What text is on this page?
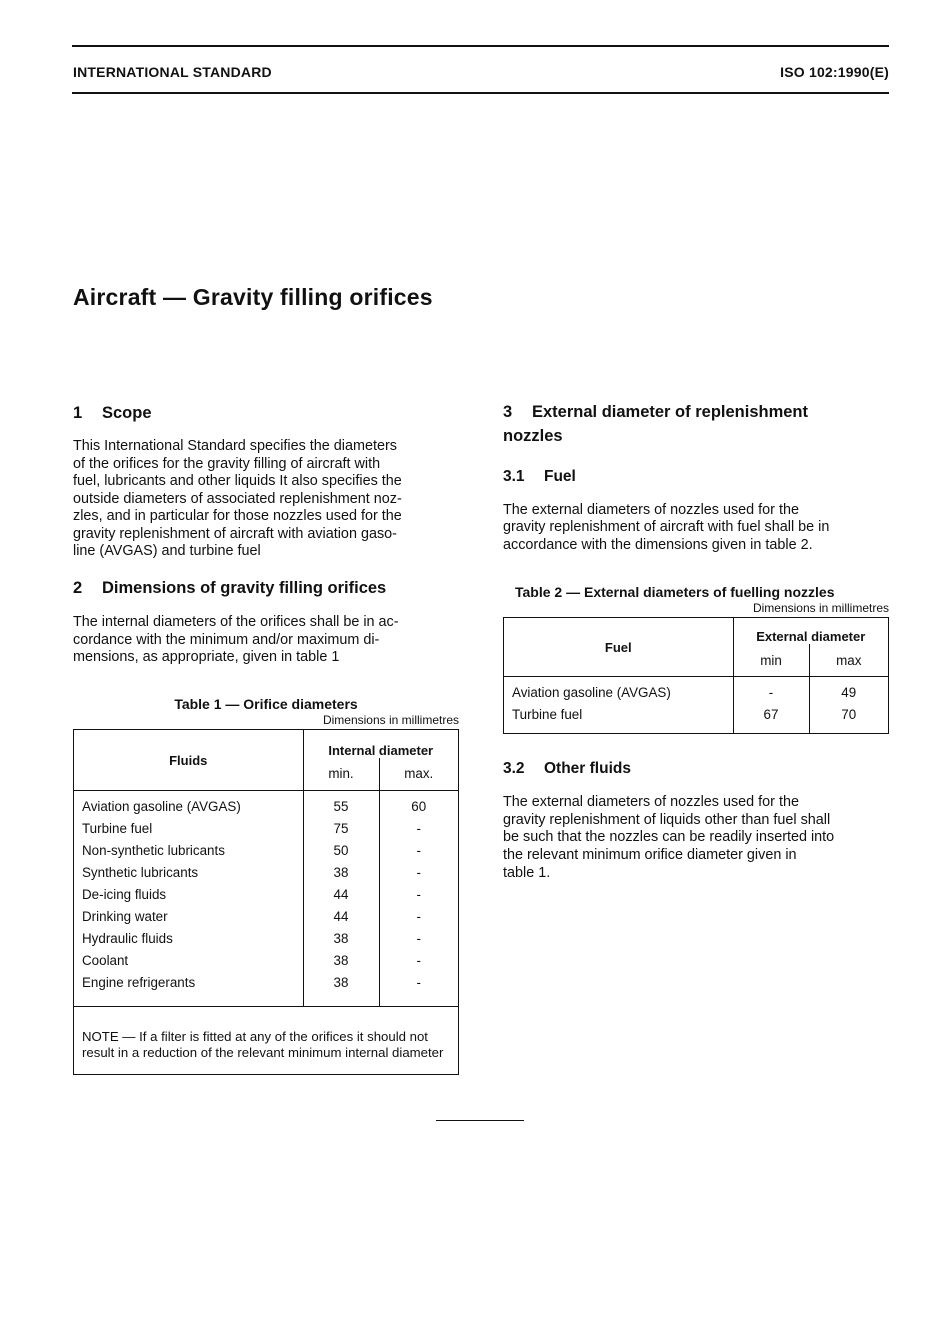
INTERNATIONAL STANDARD	ISO 102:1990(E)
Aircraft — Gravity filling orifices
1 Scope

This International Standard specifies the diameters
of the orifices for the gravity filling of aircraft with
fuel, lubricants and other liquids It also specifies the
outside diameters of associated replenishment noz-
zles, and in particular for those nozzles used for the
gravity replenishment of aircraft with aviation gaso-
line (AVGAS) and turbine fuel

2 Dimensions of gravity filling orifices

The internal diameters of the orifices shall be in ac-
cordance with the minimum and/or maximum di-
mensions, as appropriate, given in table 1

Table 1 — Orifice diameters
Dimensions in millimetres
Fluids	Internal diameter	
	min.	max.

Aviation gasoline (AVGAS)	55	60
Turbine fuel	75	-
Non-synthetic lubricants	50	-
Synthetic lubricants	38	-
De-icing fluids	44	-
Drinking water	44	-
Hydraulic fluids	38	-
Coolant	38	-
Engine refrigerants	38	-

NOTE — If a filter is fitted at any of the orifices it should not result in a reduction of the relevant minimum internal diameter		
3 External diameter of replenishment
nozzles
3.1 Fuel

The external diameters of nozzles used for the
gravity replenishment of aircraft with fuel shall be in
accordance with the dimensions given in table 2.

Table 2 — External diameters of fuelling nozzles
Dimensions in millimetres
Fuel	External diameter	
	min	max

Aviation gasoline (AVGAS)	-	49
Turbine fuel	67	70

3.2 Other fluids

The external diameters of nozzles used for the
gravity replenishment of liquids other than fuel shall
be such that the nozzles can be readily inserted into
the relevant minimum orifice diameter given in
table 1.
